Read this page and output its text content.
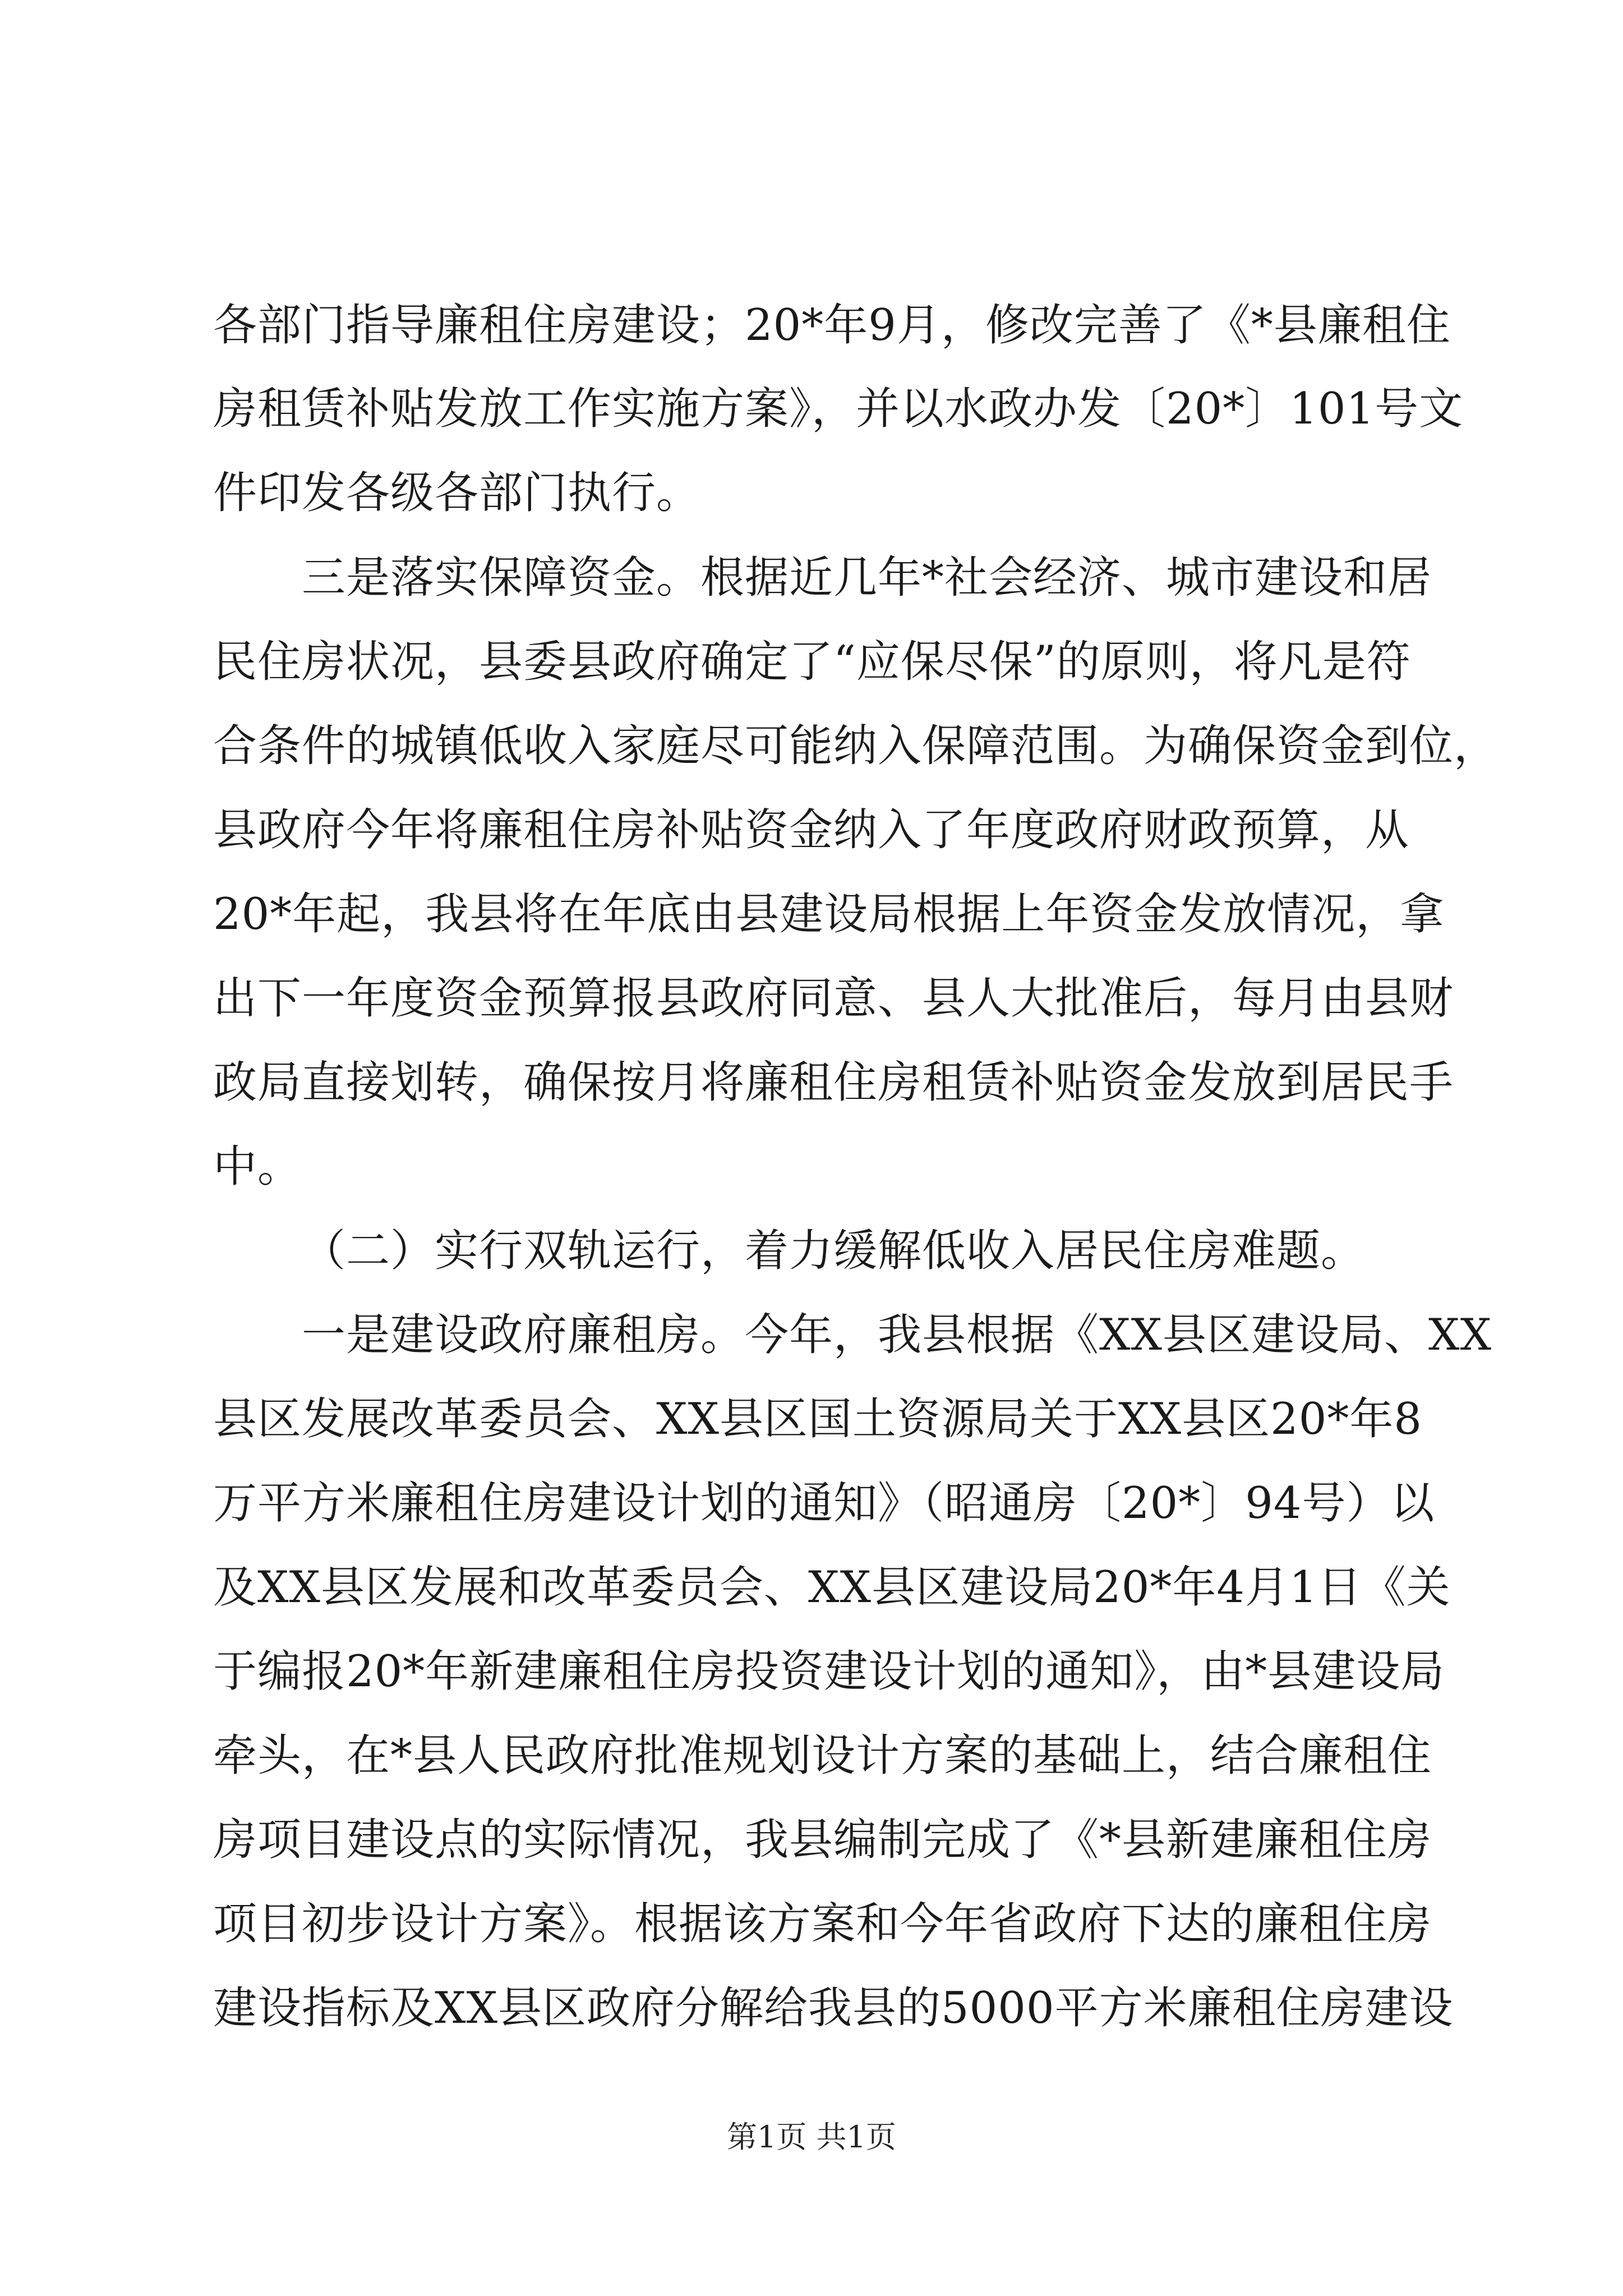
各部门指导廉租住房建设；20*年9月，修改完善了《*县廉租住
房租赁补贴发放工作实施方案》，并以水政办发〔20*〕101号文
件印发各级各部门执行。
三是落实保障资金。根据近几年*社会经济、城市建设和居
民住房状况，县委县政府确定了“应保尽保”的原则，将凡是符
合条件的城镇低收入家庭尽可能纳入保障范围。为确保资金到位，
县政府今年将廉租住房补贴资金纳入了年度政府财政预算，从
20*年起，我县将在年底由县建设局根据上年资金发放情况，拿
出下一年度资金预算报县政府同意、县人大批准后，每月由县财
政局直接划转，确保按月将廉租住房租赁补贴资金发放到居民手
中。
（二）实行双轨运行，着力缓解低收入居民住房难题。
一是建设政府廉租房。今年，我县根据《XX县区建设局、XX
县区发展改革委员会、XX县区国土资源局关于XX县区20*年8
万平方米廉租住房建设计划的通知》（昭通房〔20*〕94号）以
及XX县区发展和改革委员会、XX县区建设局20*年4月1日《关
于编报20*年新建廉租住房投资建设计划的通知》，由*县建设局
牵头，在*县人民政府批准规划设计方案的基础上，结合廉租住
房项目建设点的实际情况，我县编制完成了《*县新建廉租住房
项目初步设计方案》。根据该方案和今年省政府下达的廉租住房
建设指标及XX县区政府分解给我县的5000平方米廉租住房建设
第1页 共1页
